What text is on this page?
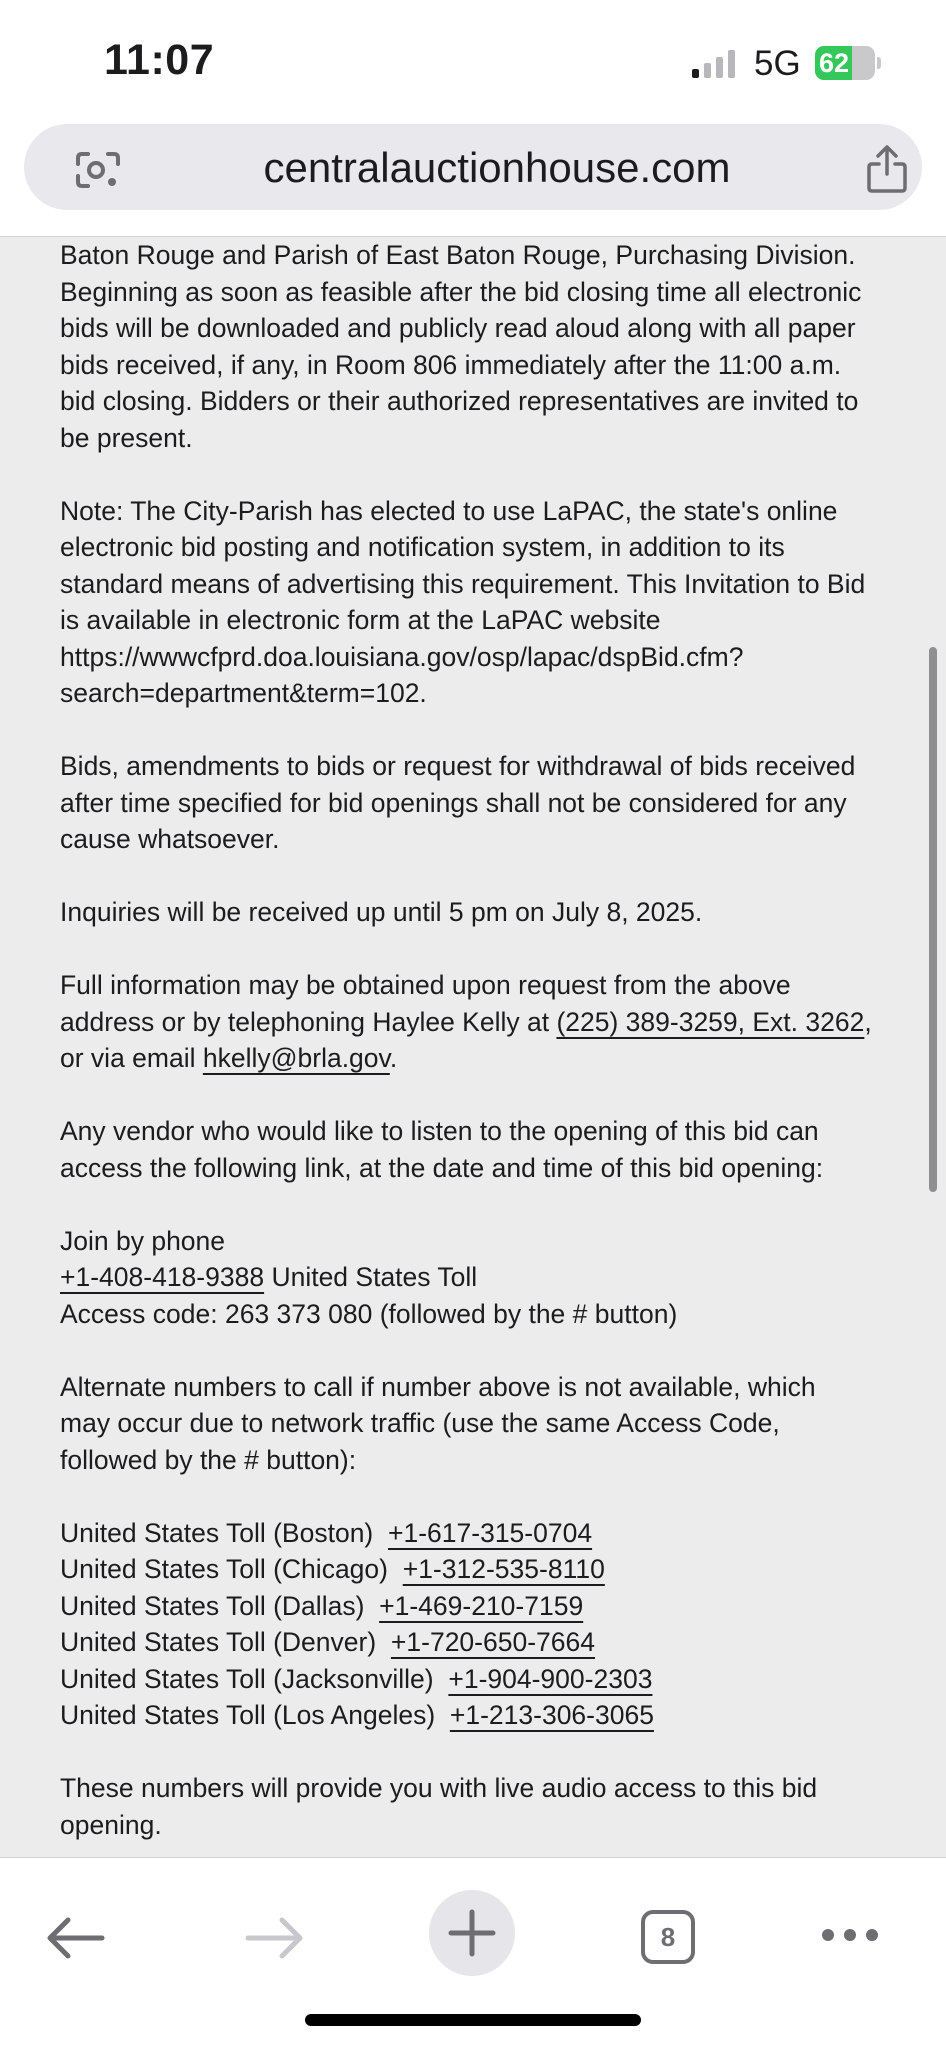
11:07	5G 62
centralauctionhouse.com

Baton Rouge and Parish of East Baton Rouge, Purchasing Division.
Beginning as soon as feasible after the bid closing time all electronic
bids will be downloaded and publicly read aloud along with all paper
bids received, if any, in Room 806 immediately after the 11:00 a.m.
bid closing. Bidders or their authorized representatives are invited to
be present.

Note: The City-Parish has elected to use LaPAC, the state's online
electronic bid posting and notification system, in addition to its
standard means of advertising this requirement. This Invitation to Bid
is available in electronic form at the LaPAC website
https://wwwcfprd.doa.louisiana.gov/osp/lapac/dspBid.cfm?
search=department&term=102.

Bids, amendments to bids or request for withdrawal of bids received
after time specified for bid openings shall not be considered for any
cause whatsoever.

Inquiries will be received up until 5 pm on July 8, 2025.

Full information may be obtained upon request from the above
address or by telephoning Haylee Kelly at (225) 389-3259, Ext. 3262,
or via email hkelly@brla.gov.

Any vendor who would like to listen to the opening of this bid can
access the following link, at the date and time of this bid opening:

Join by phone
+1-408-418-9388 United States Toll
Access code: 263 373 080 (followed by the # button)

Alternate numbers to call if number above is not available, which
may occur due to network traffic (use the same Access Code,
followed by the # button):

United States Toll (Boston) +1-617-315-0704
United States Toll (Chicago) +1-312-535-8110
United States Toll (Dallas) +1-469-210-7159
United States Toll (Denver) +1-720-650-7664
United States Toll (Jacksonville) +1-904-900-2303
United States Toll (Los Angeles) +1-213-306-3065

These numbers will provide you with live audio access to this bid
opening.

8
